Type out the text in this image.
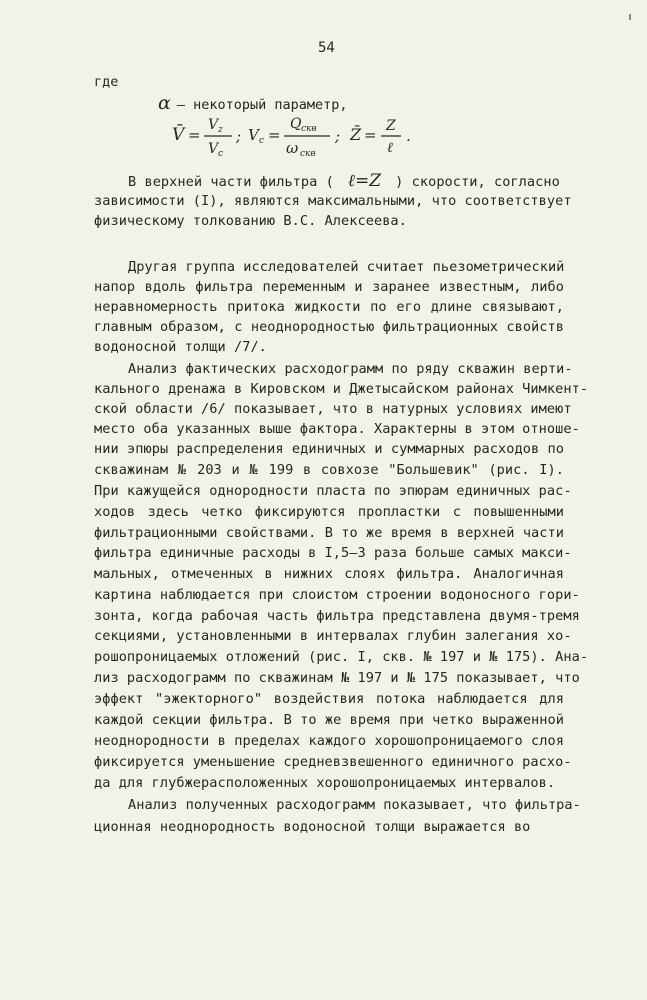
54
где
α – некоторый параметр,
V̄ =
V z
V c
; V c =
Q скв
ω скв
; Z̄ = Z
ℓ
.
В верхней части фильтра ( ℓ=Z ) скорости, согласно
зависимости (I), являются максимальными, что соответствует
физическому толкованию В.С. Алексеева.
Другая группа исследователей считает пьезометрический
напор вдоль фильтра переменным и заранее известным, либо
неравномерность притока жидкости по его длине связывают,
главным образом, с неоднородностью фильтрационных свойств
водоносной толщи /7/.
Анализ фактических расходограмм по ряду скважин верти-
кального дренажа в Кировском и Джетысайском районах Чимкент-
ской области /6/ показывает, что в натурных условиях имеют
место оба указанных выше фактора. Характерны в этом отноше-
нии эпюры распределения единичных и суммарных расходов по
скважинам № 203 и № 199 в совхозе "Большевик" (рис. I).
При кажущейся однородности пласта по эпюрам единичных рас-
ходов здесь четко фиксируются пропластки с повышенными
фильтрационными свойствами. В то же время в верхней части
фильтра единичные расходы в I,5–3 раза больше самых макси-
мальных, отмеченных в нижних слоях фильтра. Аналогичная
картина наблюдается при слоистом строении водоносного гори-
зонта, когда рабочая часть фильтра представлена двумя-тремя
секциями, установленными в интервалах глубин залегания хо-
рошопроницаемых отложений (рис. I, скв. № 197 и № 175). Ана-
лиз расходограмм по скважинам № 197 и № 175 показывает, что
эффект "эжекторного" воздействия потока наблюдается для
каждой секции фильтра. В то же время при четко выраженной
неоднородности в пределах каждого хорошопроницаемого слоя
фиксируется уменьшение средневзвешенного единичного расхо-
да для глубжерасположенных хорошопроницаемых интервалов.
Анализ полученных расходограмм показывает, что фильтра-
ционная неоднородность водоносной толщи выражается во
